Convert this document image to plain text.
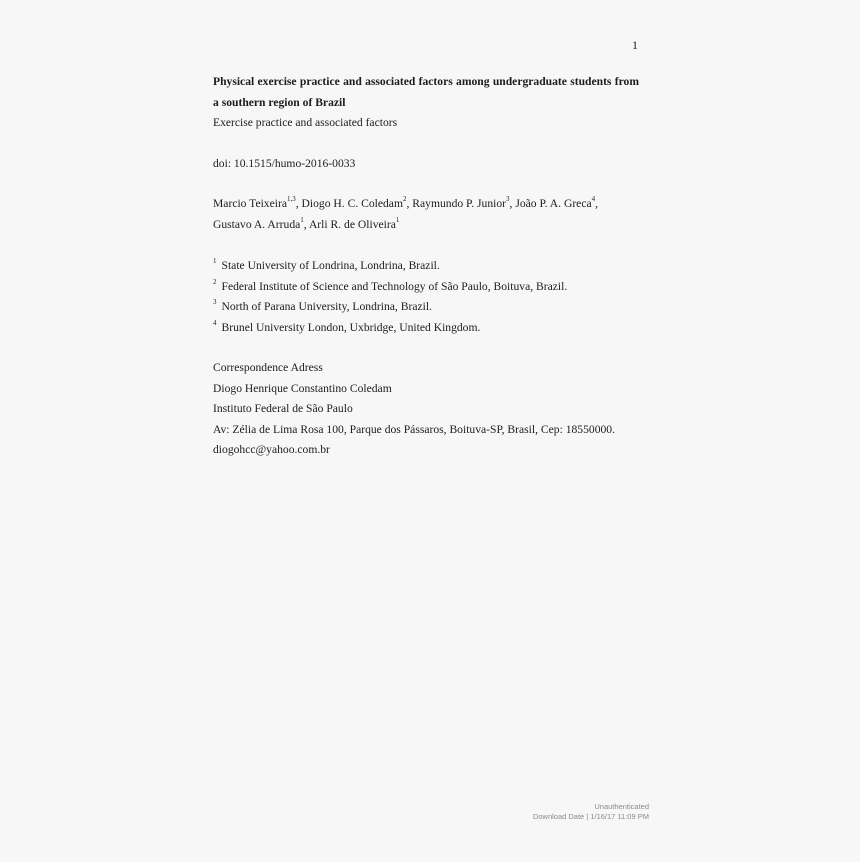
1

Physical exercise practice and associated factors among undergraduate students from a southern region of Brazil

Exercise practice and associated factors

doi: 10.1515/humo-2016-0033
Marcio Teixeira$^{1,3}$, Diogo H. C. Coledam$^2$, Raymundo P. Junior$^3$, João P. A. Greca$^4$,
Gustavo A. Arruda$^1$, Arli R. de Oliveira$^1$
$^1$ State University of Londrina, Londrina, Brazil.
$^2$ Federal Institute of Science and Technology of São Paulo, Boituva, Brazil.
$^3$ North of Parana University, Londrina, Brazil.
$^4$ Brunel University London, Uxbridge, United Kingdom.
Correspondence Adress
Diogo Henrique Constantino Coledam
Instituto Federal de São Paulo
Av: Zélia de Lima Rosa 100, Parque dos Pássaros, Boituva-SP, Brasil, Cep: 18550000.
diogohcc@yahoo.com.br
Unauthenticated
Download Date | 1/16/17 11:09 PM
